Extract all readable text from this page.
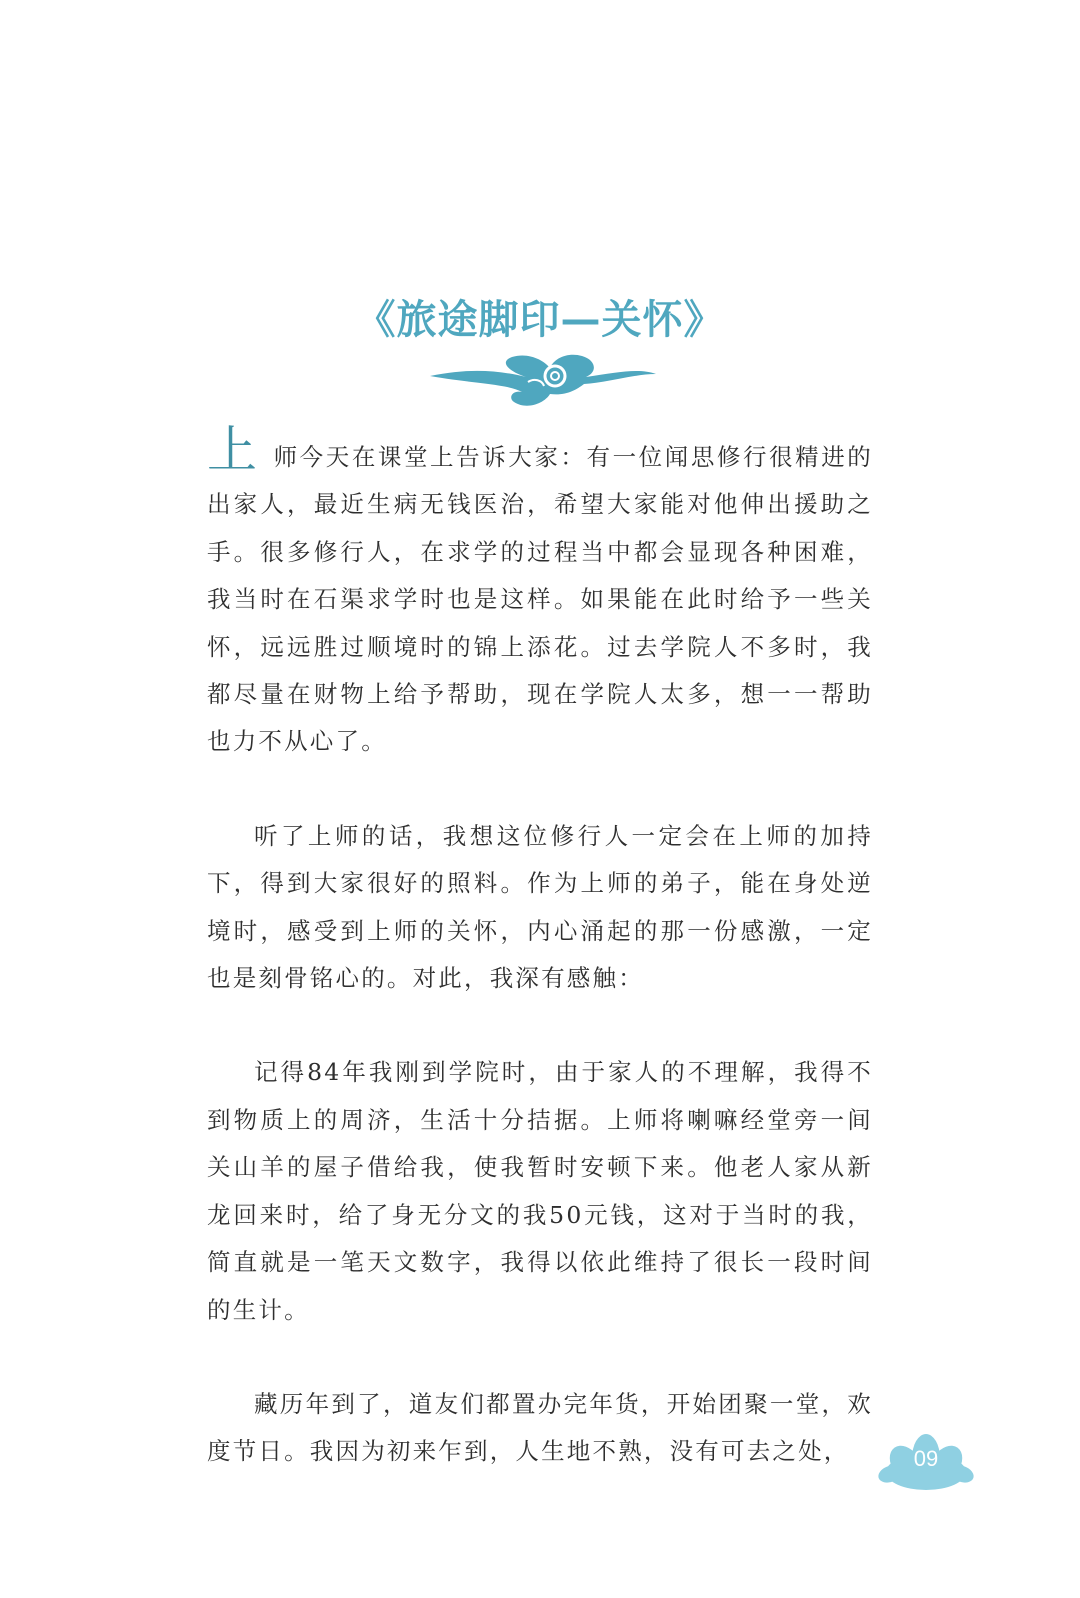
《旅途脚印—关怀》

上师今天在课堂上告诉大家：有一位闻思修行很精进的出家人，最近生病无钱医治，希望大家能对他伸出援助之手。很多修行人，在求学的过程当中都会显现各种困难，我当时在石渠求学时也是这样。如果能在此时给予一些关怀，远远胜过顺境时的锦上添花。过去学院人不多时，我都尽量在财物上给予帮助，现在学院人太多，想一一帮助也力不从心了。

听了上师的话，我想这位修行人一定会在上师的加持下，得到大家很好的照料。作为上师的弟子，能在身处逆境时，感受到上师的关怀，内心涌起的那一份感激，一定也是刻骨铭心的。对此，我深有感触：

记得84年我刚到学院时，由于家人的不理解，我得不到物质上的周济，生活十分拮据。上师将喇嘛经堂旁一间关山羊的屋子借给我，使我暂时安顿下来。他老人家从新龙回来时，给了身无分文的我50元钱，这对于当时的我，简直就是一笔天文数字，我得以依此维持了很长一段时间的生计。

藏历年到了，道友们都置办完年货，开始团聚一堂，欢度节日。我因为初来乍到，人生地不熟，没有可去之处，	09
